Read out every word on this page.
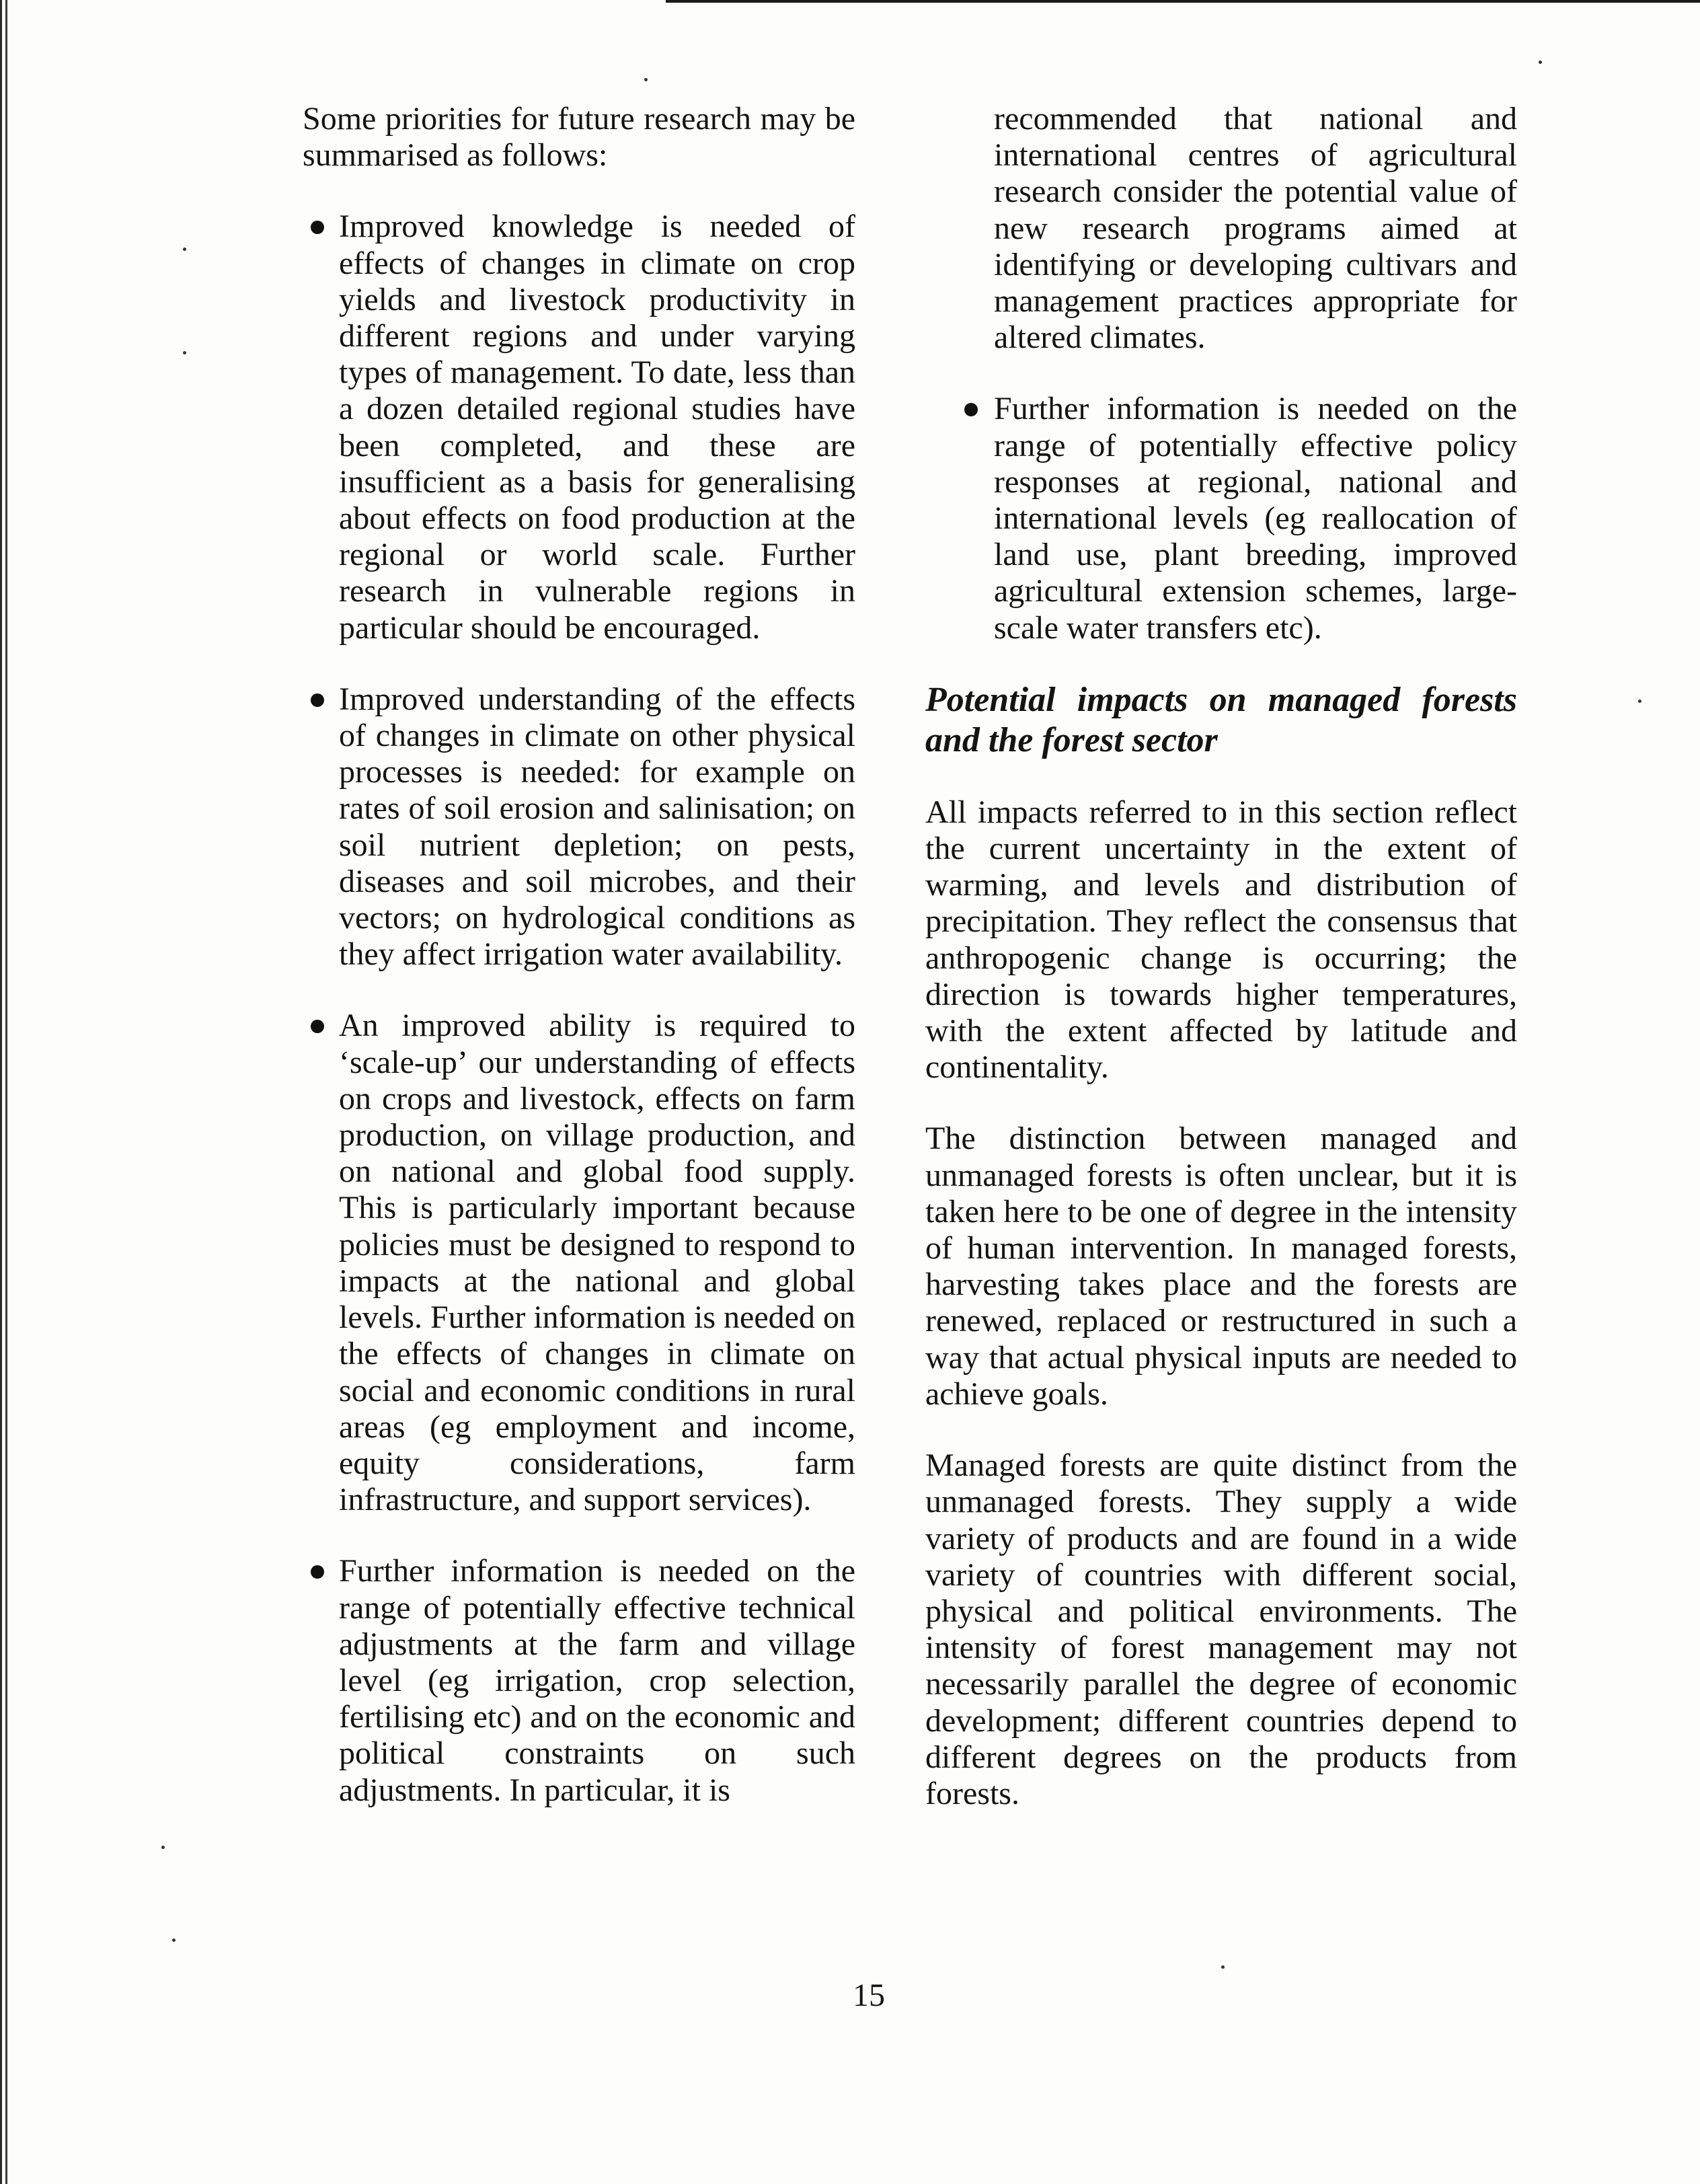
Some priorities for future research may be summarised as follows:

Improved knowledge is needed of effects of changes in climate on crop yields and livestock productivity in different regions and under varying types of management. To date, less than a dozen detailed regional studies have been completed, and these are insufficient as a basis for generalising about effects on food production at the regional or world scale. Further research in vulnerable regions in particular should be encouraged.

Improved understanding of the effects of changes in climate on other physical processes is needed: for example on rates of soil erosion and salinisation; on soil nutrient depletion; on pests, diseases and soil microbes, and their vectors; on hydrological conditions as they affect irrigation water availability.

An improved ability is required to ‘scale-up’ our understanding of effects on crops and livestock, effects on farm production, on village production, and on national and global food supply. This is particularly important because policies must be designed to respond to impacts at the national and global levels. Further information is needed on the effects of changes in climate on social and economic conditions in rural areas (eg employment and income, equity considerations, farm infrastructure, and support services).

Further information is needed on the range of potentially effective technical adjustments at the farm and village level (eg irrigation, crop selection, fertilising etc) and on the economic and political constraints on such adjustments. In particular, it is

recommended that national and international centres of agricultural research consider the potential value of new research programs aimed at identifying or developing cultivars and management practices appropriate for altered climates.

Further information is needed on the range of potentially effective policy responses at regional, national and international levels (eg reallocation of land use, plant breeding, improved agricultural extension schemes, large-scale water transfers etc).

Potential impacts on managed forests and the forest sector

All impacts referred to in this section reflect the current uncertainty in the extent of warming, and levels and distribution of precipitation. They reflect the consensus that anthropogenic change is occurring; the direction is towards higher temperatures, with the extent affected by latitude and continentality.

The distinction between managed and unmanaged forests is often unclear, but it is taken here to be one of degree in the intensity of human intervention. In managed forests, harvesting takes place and the forests are renewed, replaced or restructured in such a way that actual physical inputs are needed to achieve goals.

Managed forests are quite distinct from the unmanaged forests. They supply a wide variety of products and are found in a wide variety of countries with different social, physical and political environments. The intensity of forest management may not necessarily parallel the degree of economic development; different countries depend to different degrees on the products from forests.

15
